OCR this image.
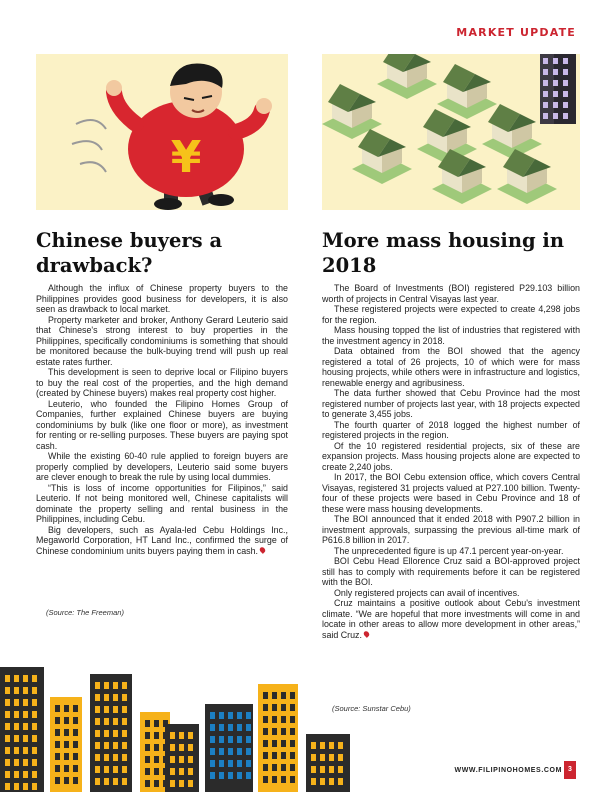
MARKET UPDATE
¥
Chinese buyers a drawback?
More mass housing in 2018

Although the influx of Chinese property buyers to the Philippines provides good business for developers, it is also seen as drawback to local market.

Property marketer and broker, Anthony Gerard Leuterio said that Chinese's strong interest to buy properties in the Philippines, specifically condominiums is something that should be monitored because the bulk-buying trend will push up real estate rates further.

This development is seen to deprive local or Filipino buyers to buy the real cost of the properties, and the high demand (created by Chinese buyers) makes real property cost higher.

Leuterio, who founded the Filipino Homes Group of Companies, further explained Chinese buyers are buying condominiums by bulk (like one floor or more), as investment for renting or re-selling purposes. These buyers are paying spot cash.

While the existing 60-40 rule applied to foreign buyers are properly complied by developers, Leuterio said some buyers are clever enough to break the rule by using local dummies.

“This is loss of income opportunities for Filipinos,” said Leuterio. If not being monitored well, Chinese capitalists will dominate the property selling and rental business in the Philippines, including Cebu.

Big developers, such as Ayala-led Cebu Holdings Inc., Megaworld Corporation, HT Land Inc., confirmed the surge of Chinese condominium units buyers paying them in cash.

The Board of Investments (BOI) registered P29.103 billion worth of projects in Central Visayas last year.

These registered projects were expected to create 4,298 jobs for the region.

Mass housing topped the list of industries that registered with the investment agency in 2018.

Data obtained from the BOI showed that the agency registered a total of 26 projects, 10 of which were for mass housing projects, while others were in infrastructure and logistics, renewable energy and agribusiness.

The data further showed that Cebu Province had the most registered number of projects last year, with 18 projects expected to generate 3,455 jobs.

The fourth quarter of 2018 logged the highest number of registered projects in the region.

Of the 10 registered residential projects, six of these are expansion projects. Mass housing projects alone are expected to create 2,240 jobs.

In 2017, the BOI Cebu extension office, which covers Central Visayas, registered 31 projects valued at P27.100 billion. Twenty-four of these projects were based in Cebu Province and 18 of these were mass housing developments.

The BOI announced that it ended 2018 with P907.2 billion in investment approvals, surpassing the previous all-time mark of P616.8 billion in 2017.

The unprecedented figure is up 47.1 percent year-on-year.

BOI Cebu Head Ellorence Cruz said a BOI-approved project still has to comply with requirements before it can be registered with the BOI.

Only registered projects can avail of incentives.

Cruz maintains a positive outlook about Cebu's investment climate. “We are hopeful that more investments will come in and locate in other areas to allow more development in other areas,” said Cruz.

(Source: The Freeman)
(Source: Sunstar Cebu)
WWW.FILIPINOHOMES.COM 3
